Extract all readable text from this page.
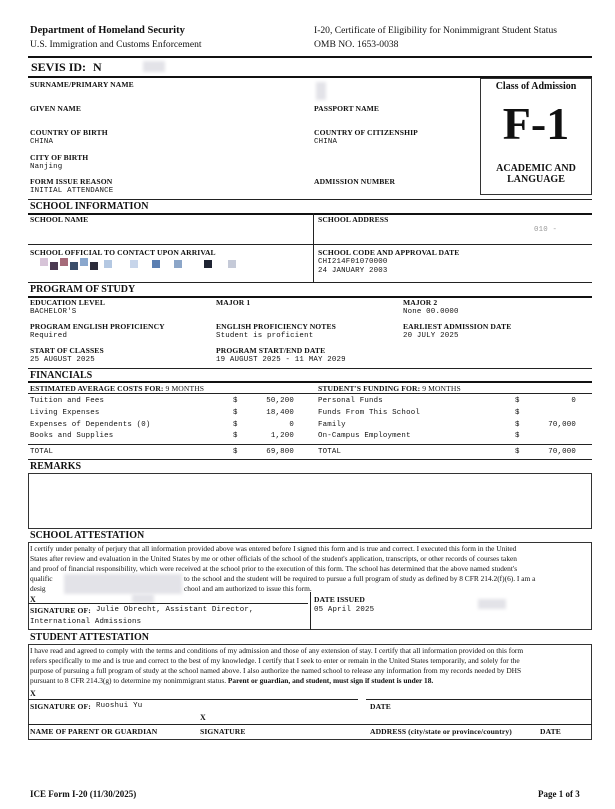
Department of Homeland Security
U.S. Immigration and Customs Enforcement
I-20, Certificate of Eligibility for Nonimmigrant Student Status
OMB NO. 1653-0038
SEVIS ID: N
SURNAME/PRIMARY NAME
GIVEN NAME	PASSPORT NAME
COUNTRY OF BIRTH
CHINA
COUNTRY OF CITIZENSHIP
CHINA
CITY OF BIRTH
Nanjing
FORM ISSUE REASON
INITIAL ATTENDANCE
ADMISSION NUMBER
Class of Admission
F-1
ACADEMIC AND LANGUAGE
SCHOOL INFORMATION
SCHOOL NAME	SCHOOL ADDRESS
010 -
SCHOOL OFFICIAL TO CONTACT UPON ARRIVAL	SCHOOL CODE AND APPROVAL DATE
CHI214F01070000
24 JANUARY 2003
PROGRAM OF STUDY
EDUCATION LEVEL
BACHELOR'S
MAJOR 1	MAJOR 2
None 00.0000
PROGRAM ENGLISH PROFICIENCY
Required
ENGLISH PROFICIENCY NOTES
Student is proficient
EARLIEST ADMISSION DATE
20 JULY 2025
START OF CLASSES
25 AUGUST 2025
PROGRAM START/END DATE
19 AUGUST 2025 - 11 MAY 2029
FINANCIALS
ESTIMATED AVERAGE COSTS FOR: 9 MONTHS	STUDENT'S FUNDING FOR: 9 MONTHS
Tuition and Fees	$	50,200
Living Expenses	$	18,400
Expenses of Dependents (0)	$	0
Books and Supplies	$	1,200
Personal Funds	$	0
Funds From This School	$
Family	$	70,000
On-Campus Employment	$
TOTAL	$	69,800	TOTAL	$	70,000
REMARKS
SCHOOL ATTESTATION
I certify under penalty of perjury that all information provided above was entered before I signed this form and is true and correct. I executed this form in the United
States after review and evaluation in the United States by me or other officials of the school of the student's application, transcripts, or other records of courses taken
and proof of financial responsibility, which were received at the school prior to the execution of this form. The school has determined that the above named student's
qualific	to the school and the student will be required to pursue a full program of study as defined by 8 CFR 214.2(f)(6). I am a
desig	chool and am authorized to issue this form.
X	DATE ISSUED
SIGNATURE OF: Julie Obrecht, Assistant Director,
International Admissions
05 April 2025
STUDENT ATTESTATION
I have read and agreed to comply with the terms and conditions of my admission and those of any extension of stay. I certify that all information provided on this form
refers specifically to me and is true and correct to the best of my knowledge. I certify that I seek to enter or remain in the United States temporarily, and solely for the
purpose of pursuing a full program of study at the school named above. I also authorize the named school to release any information from my records needed by DHS
pursuant to 8 CFR 214.3(g) to determine my nonimmigrant status. Parent or guardian, and student, must sign if student is under 18.
X
SIGNATURE OF: Ruoshui Yu	DATE
X
NAME OF PARENT OR GUARDIAN	SIGNATURE	ADDRESS (city/state or province/country)	DATE
ICE Form I-20 (11/30/2025)	Page 1 of 3
